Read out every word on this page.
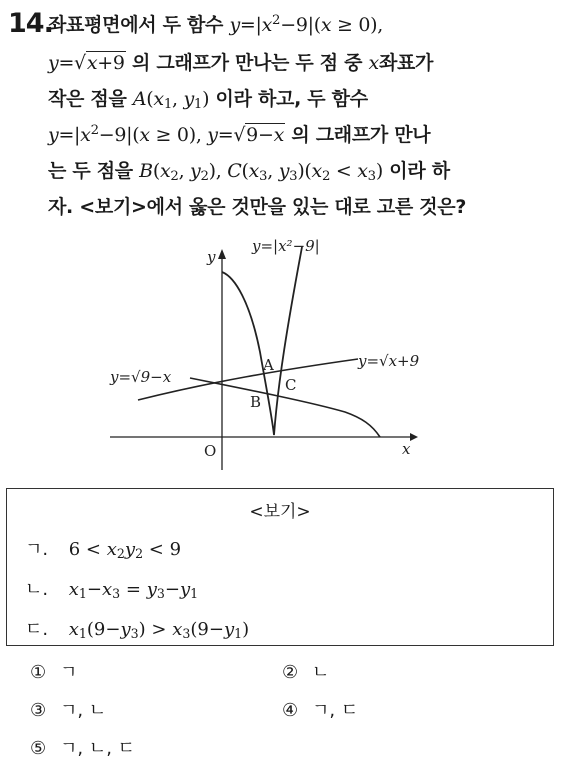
14.
좌표평면에서 두 함수 $y=|x^2-9|(x \ge 0)$,
y=√x+9 의 그래프가 만나는 두 점 중 x좌표가
작은 점을 $A(x_1$, $y_1$) 이라 하고, 두 함수
$y=|x^2-9|(x \ge 0)$, y=√9−x 의 그래프가 만나
는 두 점을 $B(x_2$, $y_2$), $C(x_3$, $y_3)(x_2 < x_3)$ 이라 하
자. <보기>에서 옳은 것만을 있는 대로 고른 것은?
y=|x²−9|
y=√x+9
y=√9−x
y
x
O
A
B
C
<보기>
ㄱ. $6 < x_2y_2 < 9$
ㄴ. $x_1-x_3 = y_3-y_1$
ㄷ. $x_1(9-y_3) > x_3(9-y_1)$
① ㄱ	② ㄴ
③ ㄱ, ㄴ	④ ㄱ, ㄷ
⑤ ㄱ, ㄴ, ㄷ
